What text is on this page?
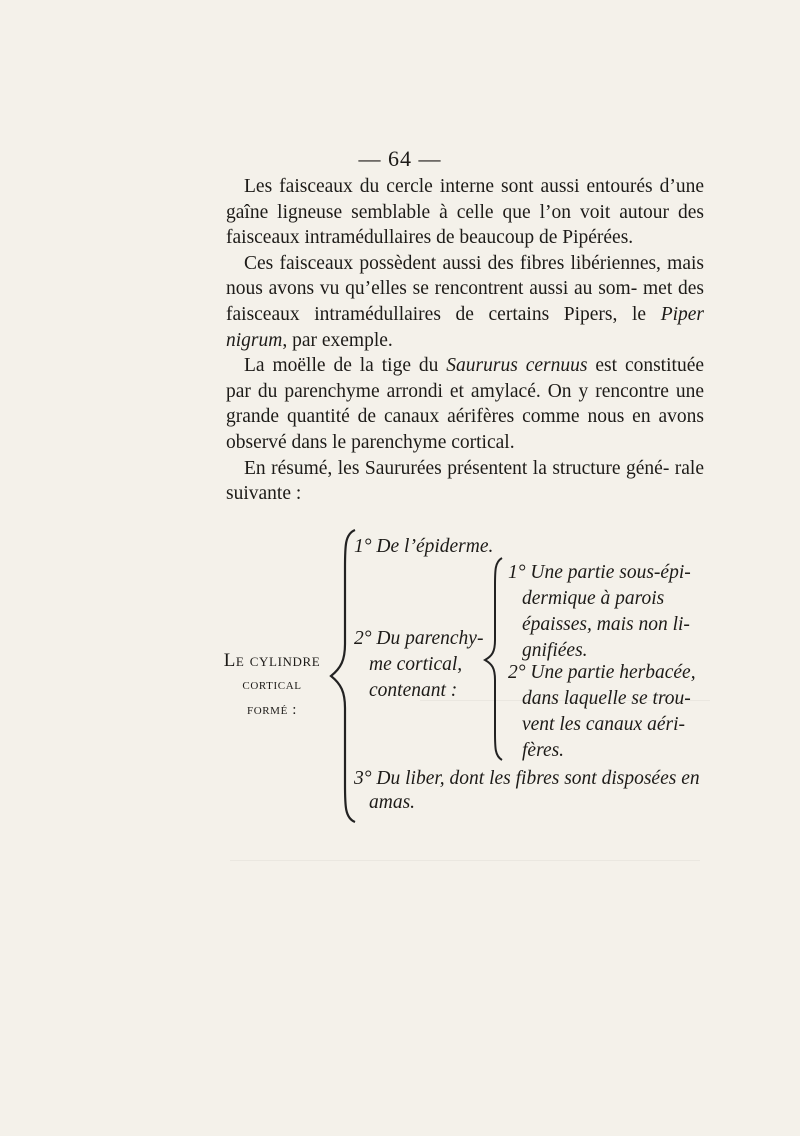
— 64 —

Les faisceaux du cercle interne sont aussi entourés d’une gaîne ligneuse semblable à celle que l’on voit autour des faisceaux intramédullaires de beaucoup de Pipérées.

Ces faisceaux possèdent aussi des fibres libériennes, mais nous avons vu qu’elles se rencontrent aussi au som- met des faisceaux intramédullaires de certains Pipers, le Piper nigrum, par exemple.

La moëlle de la tige du Saururus cernuus est constituée par du parenchyme arrondi et amylacé. On y rencontre une grande quantité de canaux aérifères comme nous en avons observé dans le parenchyme cortical.

En résumé, les Saururées présentent la structure géné- rale suivante :

Le cylindre
cortical
formé :
1° De l’épiderme.
2° Du parenchy-
me cortical,
contenant :
1° Une partie sous-épi-
dermique à parois
épaisses, mais non li-
gnifiées.
2° Une partie herbacée,
dans laquelle se trou-
vent les canaux aéri-
fères.
3° Du liber, dont les fibres sont disposées en
amas.
